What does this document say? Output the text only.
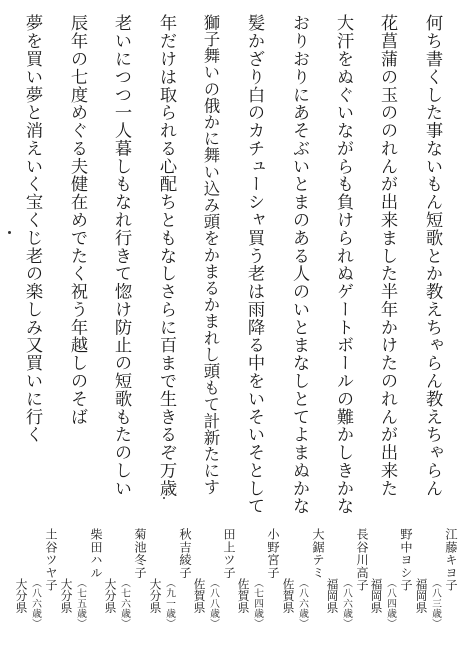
何ち書くした事ないもん短歌とか教えちゃらん教えちゃらん
江藤キヨ子
（八三歳）
福岡県
花菖蒲の玉ののれんが出来ました半年かけたのれんが出来た
野中ヨシ子
（八四歳）
福岡県
大汗をぬぐいながらも負けられぬゲートボールの難かしきかな
長谷川高子
（八六歳）
福岡県
おりおりにあそぶいとまのある人のいとまなしとてよまぬかな
大鋸テミ
（八六歳）
佐賀県
髪かざり白のカチューシャ買う老は雨降る中をいそいそとして
小野宮子
（七四歳）
佐賀県
獅子舞いの俄かに舞い込み頭をかまるかまれし頭もて計新たにす
田上ツ子
（八八歳）
佐賀県
年だけは取られる心配ちともなしさらに百まで生きるぞ万歳
秋吉綾子
（九一歳）
大分県
老いにつつ一人暮しもなれ行きて惚け防止の短歌もたのしい
菊池冬子
（七六歳）
大分県
辰年の七度めぐる夫健在めでたく祝う年越しのそば
柴田ハル
（七五歳）
大分県
夢を買い夢と消えいく宝くじ老の楽しみ又買いに行く
土谷ツヤ子
（八六歳）
大分県
